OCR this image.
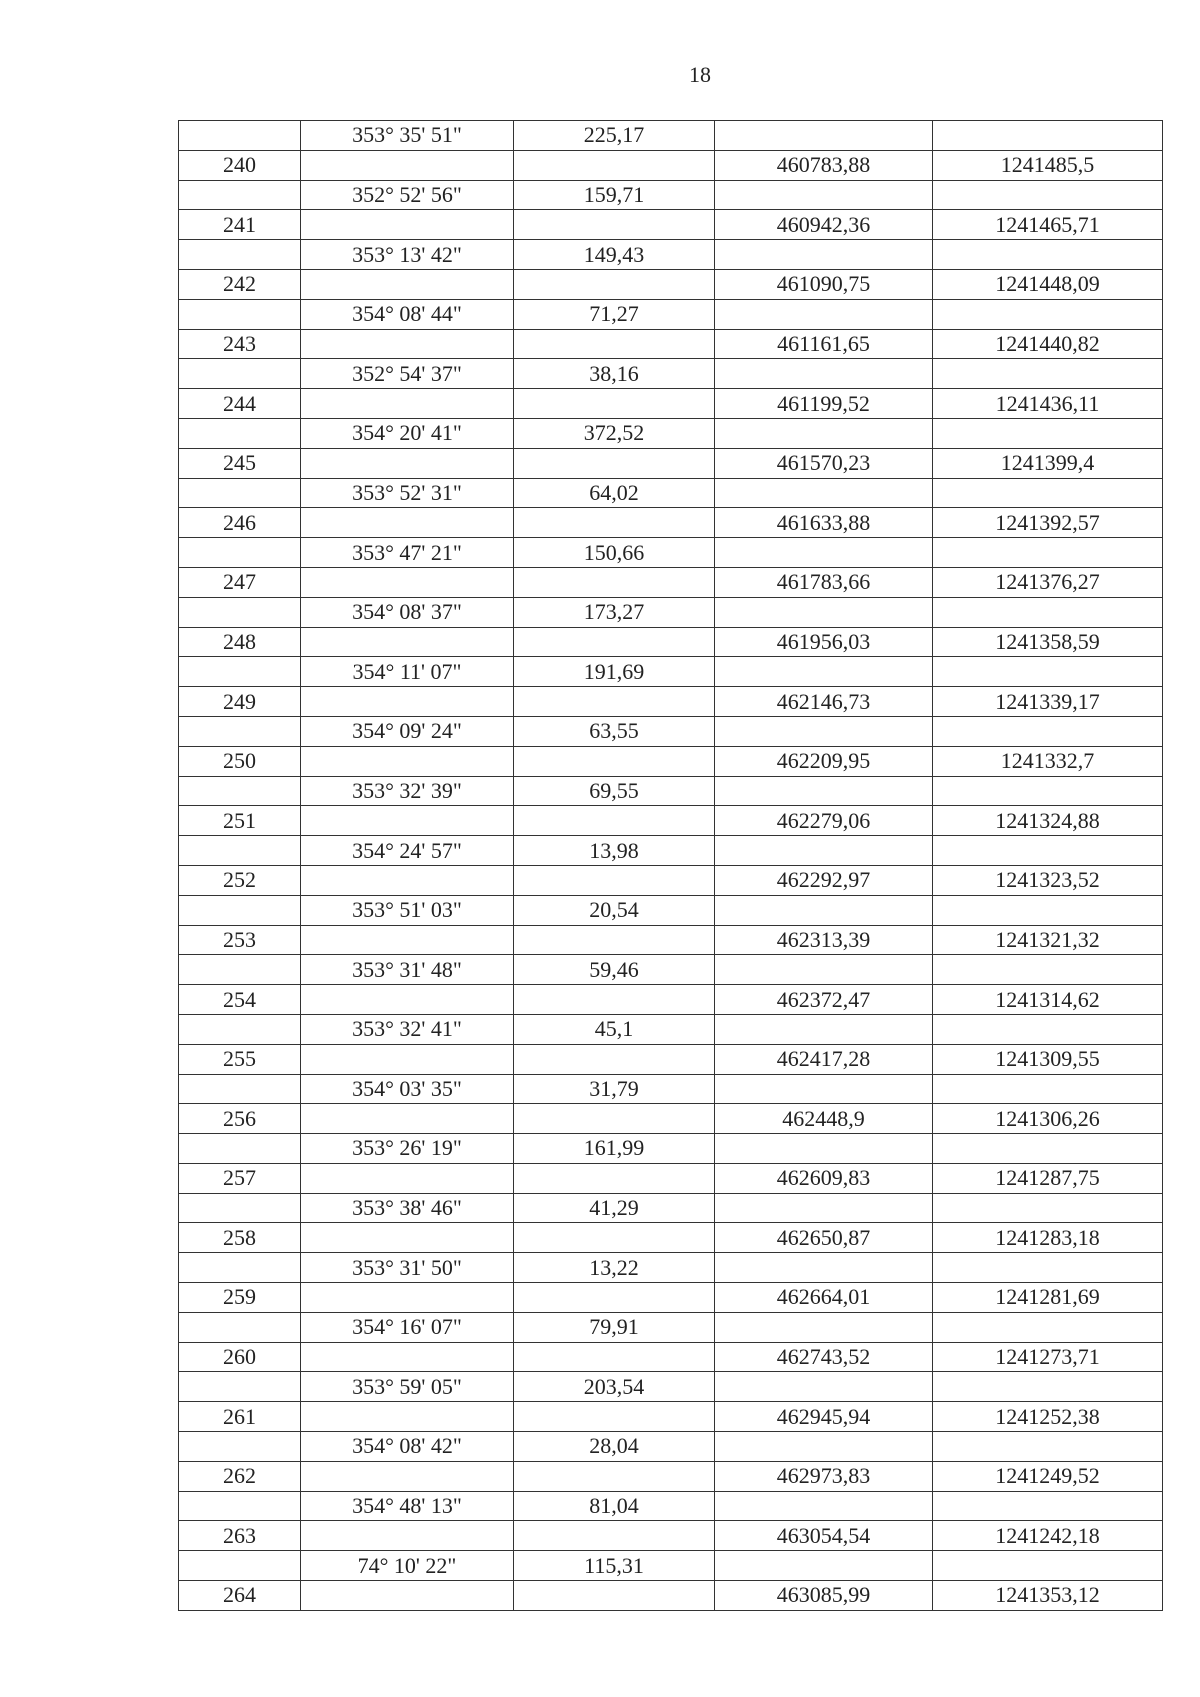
18
	353° 35' 51"	225,17		
240			460783,88	1241485,5
	352° 52' 56"	159,71		
241			460942,36	1241465,71
	353° 13' 42"	149,43		
242			461090,75	1241448,09
	354° 08' 44"	71,27		
243			461161,65	1241440,82
	352° 54' 37"	38,16		
244			461199,52	1241436,11
	354° 20' 41"	372,52		
245			461570,23	1241399,4
	353° 52' 31"	64,02		
246			461633,88	1241392,57
	353° 47' 21"	150,66		
247			461783,66	1241376,27
	354° 08' 37"	173,27		
248			461956,03	1241358,59
	354° 11' 07"	191,69		
249			462146,73	1241339,17
	354° 09' 24"	63,55		
250			462209,95	1241332,7
	353° 32' 39"	69,55		
251			462279,06	1241324,88
	354° 24' 57"	13,98		
252			462292,97	1241323,52
	353° 51' 03"	20,54		
253			462313,39	1241321,32
	353° 31' 48"	59,46		
254			462372,47	1241314,62
	353° 32' 41"	45,1		
255			462417,28	1241309,55
	354° 03' 35"	31,79		
256			462448,9	1241306,26
	353° 26' 19"	161,99		
257			462609,83	1241287,75
	353° 38' 46"	41,29		
258			462650,87	1241283,18
	353° 31' 50"	13,22		
259			462664,01	1241281,69
	354° 16' 07"	79,91		
260			462743,52	1241273,71
	353° 59' 05"	203,54		
261			462945,94	1241252,38
	354° 08' 42"	28,04		
262			462973,83	1241249,52
	354° 48' 13"	81,04		
263			463054,54	1241242,18
	74° 10' 22"	115,31		
264			463085,99	1241353,12
